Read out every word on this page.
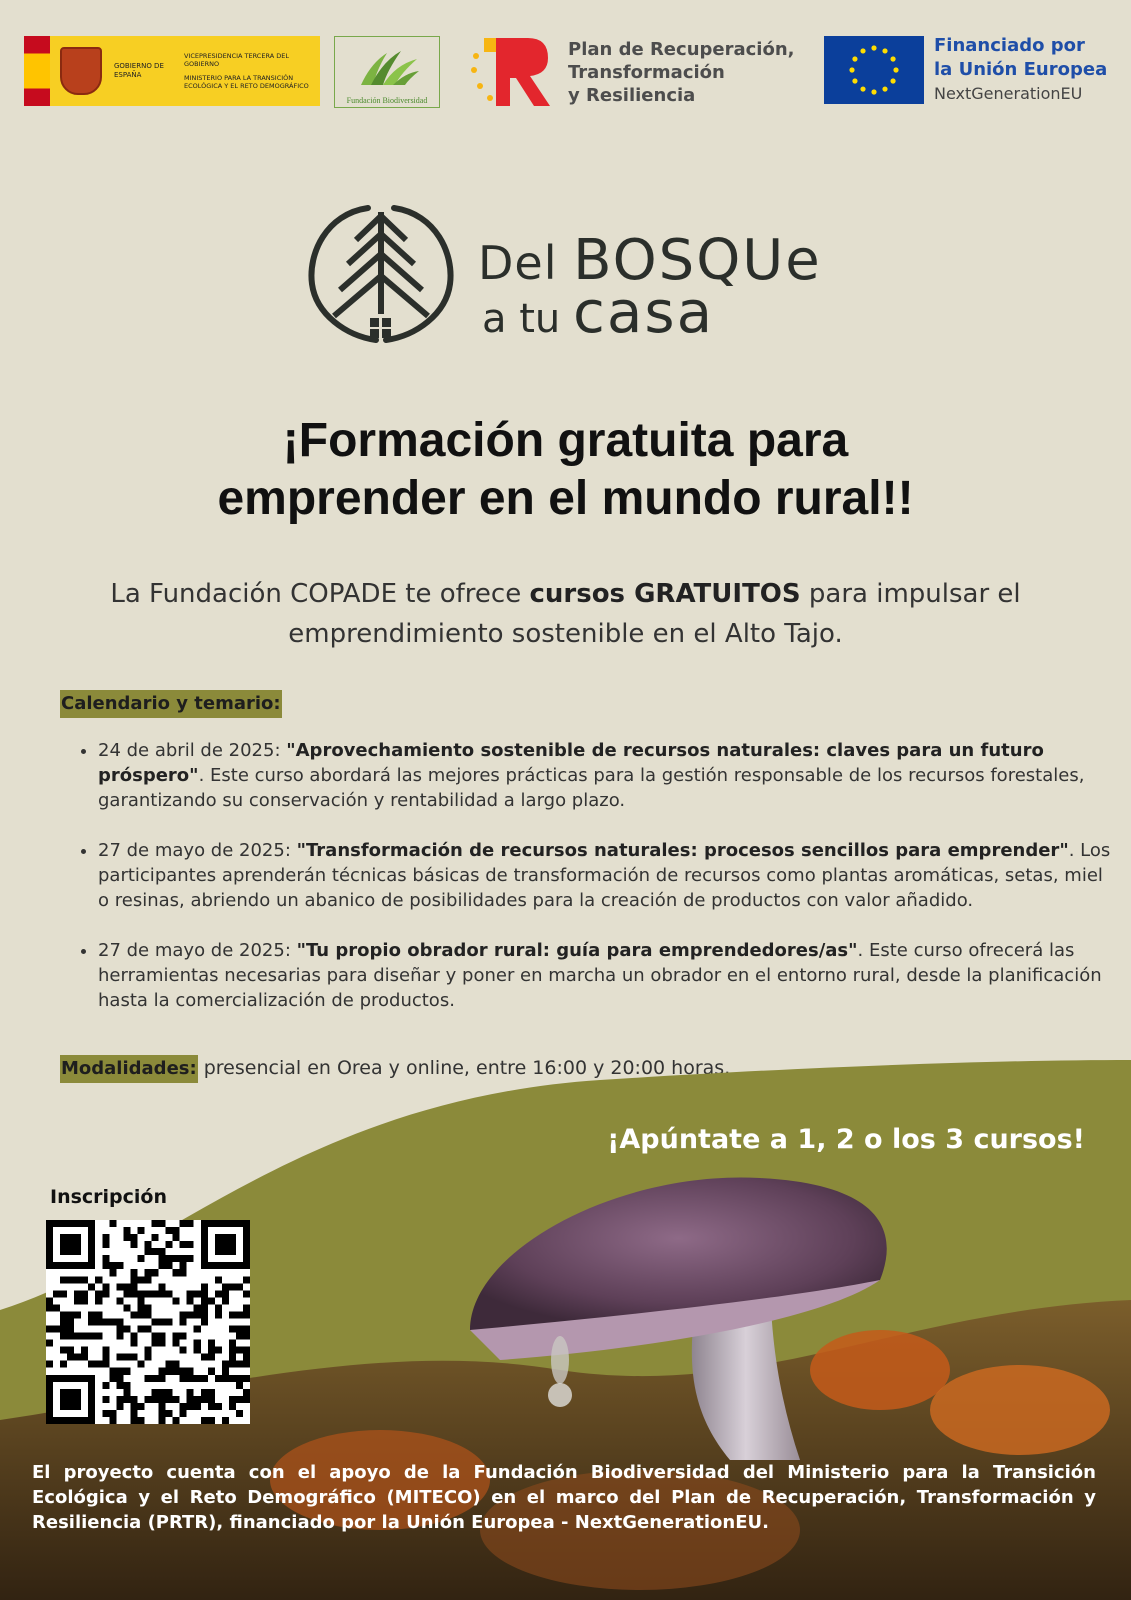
GOBIERNO DE ESPAÑA
VICEPRESIDENCIA TERCERA DEL GOBIERNO
MINISTERIO PARA LA TRANSICIÓN ECOLÓGICA Y EL RETO DEMOGRÁFICO
Fundación Biodiversidad
Plan de Recuperación,
Transformación
y Resiliencia
Financiado por
la Unión Europea
NextGenerationEU
Del BOSQUe
a tu casa
¡Formación gratuita para
emprender en el mundo rural!!
La Fundación COPADE te ofrece cursos GRATUITOS para impulsar el
emprendimiento sostenible en el Alto Tajo.
Calendario y temario:
• 24 de abril de 2025: "Aprovechamiento sostenible de recursos naturales: claves para un futuro próspero". Este curso abordará las mejores prácticas para la gestión responsable de los recursos forestales, garantizando su conservación y rentabilidad a largo plazo.
• 27 de mayo de 2025: "Transformación de recursos naturales: procesos sencillos para emprender". Los participantes aprenderán técnicas básicas de transformación de recursos como plantas aromáticas, setas, miel o resinas, abriendo un abanico de posibilidades para la creación de productos con valor añadido.
• 27 de mayo de 2025: "Tu propio obrador rural: guía para emprendedores/as". Este curso ofrecerá las herramientas necesarias para diseñar y poner en marcha un obrador en el entorno rural, desde la planificación hasta la comercialización de productos.
Modalidades: presencial en Orea y online, entre 16:00 y 20:00 horas.
¡Apúntate a 1, 2 o los 3 cursos!
Inscripción
El proyecto cuenta con el apoyo de la Fundación Biodiversidad del Ministerio para la Transición Ecológica y el Reto Demográfico (MITECO) en el marco del Plan de Recuperación, Transformación y Resiliencia (PRTR), financiado por la Unión Europea - NextGenerationEU.
